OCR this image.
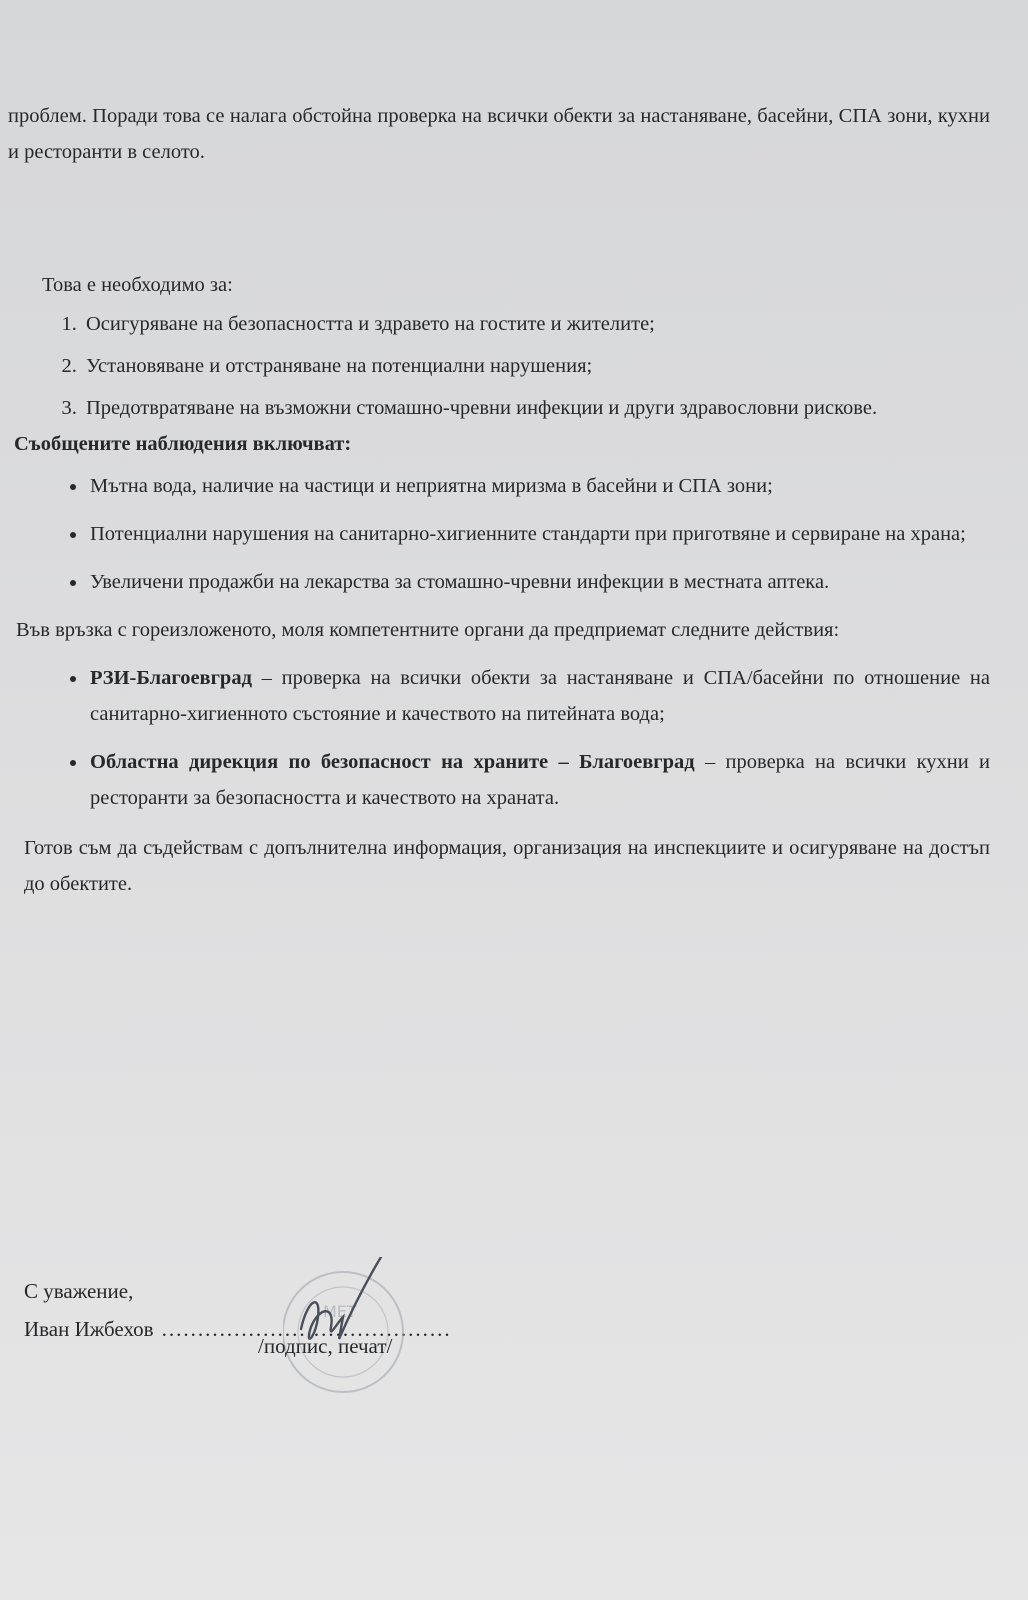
проблем. Поради това се налага обстойна проверка на всички обекти за настаняване, басейни, СПА зони, кухни и ресторанти в селото.

Това е необходимо за:
1. Осигуряване на безопасността и здравето на гостите и жителите;
2. Установяване и отстраняване на потенциални нарушения;
3. Предотвратяване на възможни стомашно-чревни инфекции и други здравословни рискове.
Съобщените наблюдения включват:
• Мътна вода, наличие на частици и неприятна миризма в басейни и СПА зони;
• Потенциални нарушения на санитарно-хигиенните стандарти при приготвяне и сервиране на храна;
• Увеличени продажби на лекарства за стомашно-чревни инфекции в местната аптека.
Във връзка с гореизложеното, моля компетентните органи да предприемат следните действия:
• РЗИ-Благоевград – проверка на всички обекти за настаняване и СПА/басейни по отношение на санитарно-хигиенното състояние и качеството на питейната вода;
• Областна дирекция по безопасност на храните – Благоевград – проверка на всички кухни и ресторанти за безопасността и качеството на храната.
Готов съм да съдействам с допълнителна информация, организация на инспекциите и осигуряване на достъп до обектите.
С уважение,
Иван Ижбехов ........................................
МЕТ
/подпис, печат/
